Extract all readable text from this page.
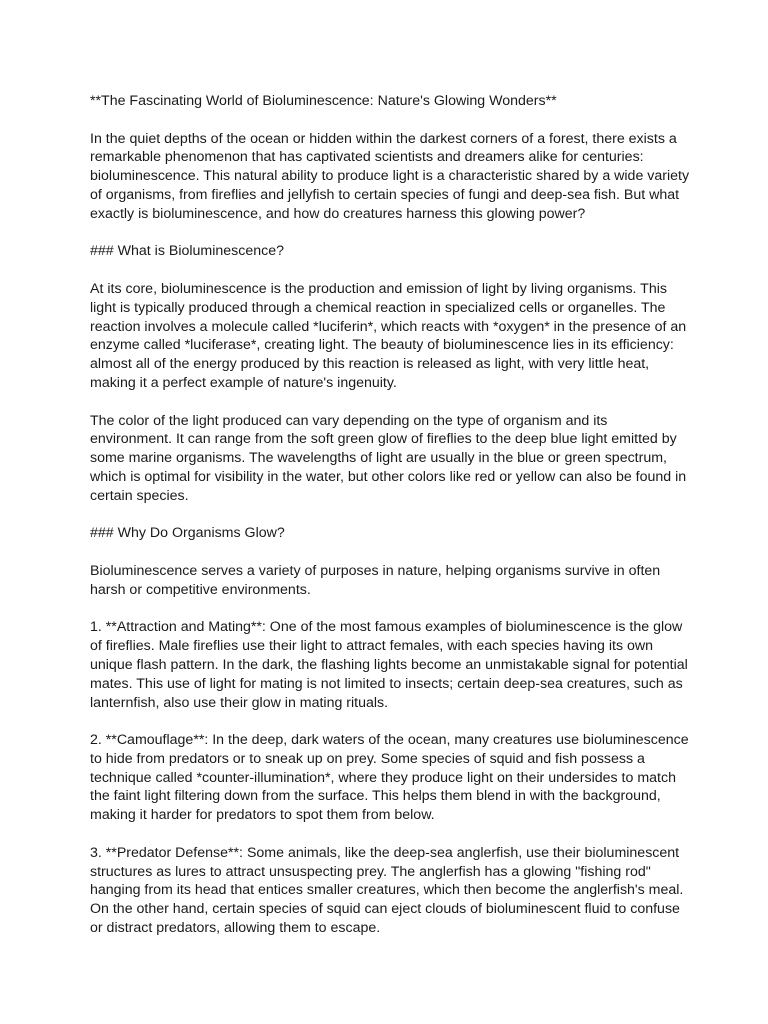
**The Fascinating World of Bioluminescence: Nature's Glowing Wonders**

In the quiet depths of the ocean or hidden within the darkest corners of a forest, there exists a remarkable phenomenon that has captivated scientists and dreamers alike for centuries: bioluminescence. This natural ability to produce light is a characteristic shared by a wide variety of organisms, from fireflies and jellyfish to certain species of fungi and deep-sea fish. But what exactly is bioluminescence, and how do creatures harness this glowing power?

### What is Bioluminescence?

At its core, bioluminescence is the production and emission of light by living organisms. This light is typically produced through a chemical reaction in specialized cells or organelles. The reaction involves a molecule called *luciferin*, which reacts with *oxygen* in the presence of an enzyme called *luciferase*, creating light. The beauty of bioluminescence lies in its efficiency: almost all of the energy produced by this reaction is released as light, with very little heat, making it a perfect example of nature's ingenuity.

The color of the light produced can vary depending on the type of organism and its environment. It can range from the soft green glow of fireflies to the deep blue light emitted by some marine organisms. The wavelengths of light are usually in the blue or green spectrum, which is optimal for visibility in the water, but other colors like red or yellow can also be found in certain species.

### Why Do Organisms Glow?

Bioluminescence serves a variety of purposes in nature, helping organisms survive in often harsh or competitive environments.

1. **Attraction and Mating**: One of the most famous examples of bioluminescence is the glow of fireflies. Male fireflies use their light to attract females, with each species having its own unique flash pattern. In the dark, the flashing lights become an unmistakable signal for potential mates. This use of light for mating is not limited to insects; certain deep-sea creatures, such as lanternfish, also use their glow in mating rituals.

2. **Camouflage**: In the deep, dark waters of the ocean, many creatures use bioluminescence to hide from predators or to sneak up on prey. Some species of squid and fish possess a technique called *counter-illumination*, where they produce light on their undersides to match the faint light filtering down from the surface. This helps them blend in with the background, making it harder for predators to spot them from below.

3. **Predator Defense**: Some animals, like the deep-sea anglerfish, use their bioluminescent structures as lures to attract unsuspecting prey. The anglerfish has a glowing "fishing rod" hanging from its head that entices smaller creatures, which then become the anglerfish's meal. On the other hand, certain species of squid can eject clouds of bioluminescent fluid to confuse or distract predators, allowing them to escape.
